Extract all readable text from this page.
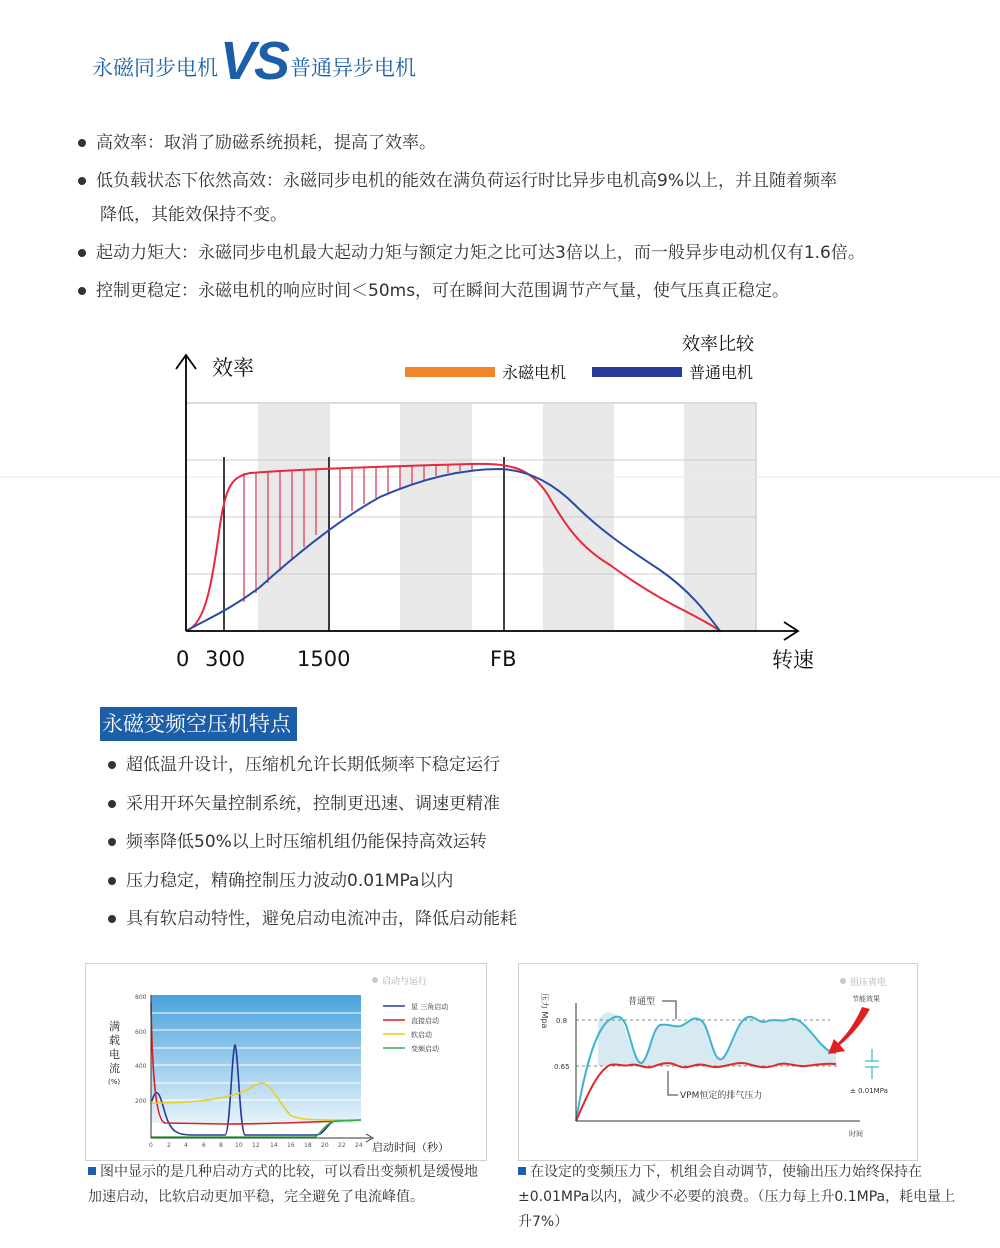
永磁同步电机 VS 普通异步电机
高效率：取消了励磁系统损耗，提高了效率。
低负载状态下依然高效：永磁同步电机的能效在满负荷运行时比异步电机高9%以上，并且随着频率
降低，其能效保持不变。
起动力矩大：永磁同步电机最大起动力矩与额定力矩之比可达3倍以上，而一般异步电动机仅有1.6倍。
控制更稳定：永磁电机的响应时间＜50ms，可在瞬间大范围调节产气量，使气压真正稳定。
效率
效率比较
永磁电机	普通电机
0 300 1500	FB	转速
永磁变频空压机特点
超低温升设计，压缩机允许长期低频率下稳定运行
采用开环矢量控制系统，控制更迅速、调速更精准
频率降低50%以上时压缩机组仍能保持高效运转
压力稳定，精确控制压力波动0.01MPa以内
具有软启动特性，避免启动电流冲击，降低启动能耗
启动与运行
200
400
600
800
0 2 4 6 8 10 12 14 16 18 20 22 24 启动时间（秒）
满
载
电
流
(%)
星 三角启动
直接启动
软启动
变频启动
徂压省电
0.8
0.65
时间
压力 Mpa	普通型
VPM恒定的排气压力
节能效果
± 0.01MPa
图中显示的是几种启动方式的比较，可以看出变频机是缓慢地加速启动，比软启动更加平稳，完全避免了电流峰值。
在设定的变频压力下，机组会自动调节，使输出压力始终保持在±0.01MPa以内，减少不必要的浪费。（压力每上升0.1MPa，耗电量上升7%）
